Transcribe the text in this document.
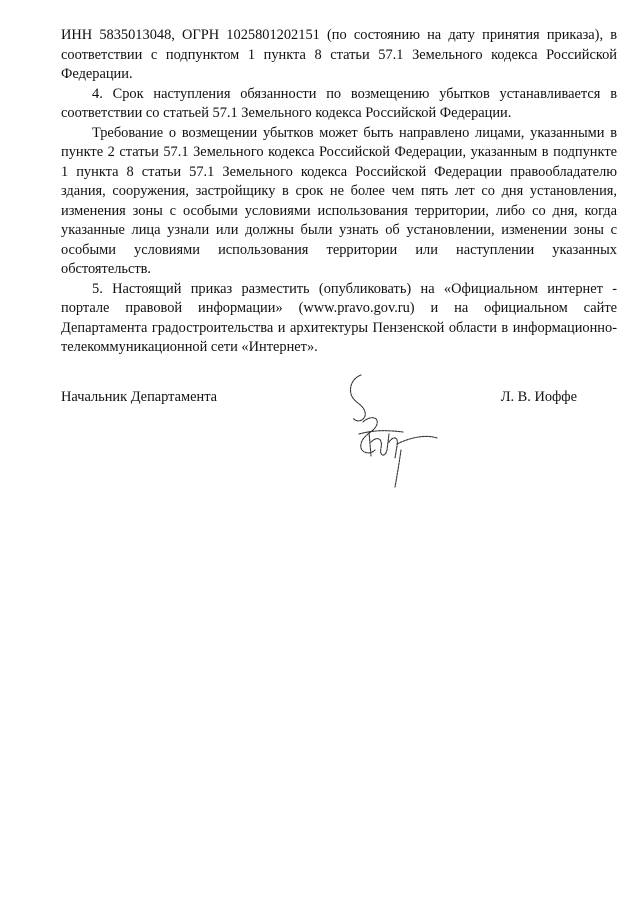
ИНН 5835013048, ОГРН 1025801202151 (по состоянию на дату принятия приказа), в соответствии с подпунктом 1 пункта 8 статьи 57.1 Земельного кодекса Российской Федерации.

4. Срок наступления обязанности по возмещению убытков устанавливается в соответствии со статьей 57.1 Земельного кодекса Российской Федерации.

Требование о возмещении убытков может быть направлено лицами, указанными в пункте 2 статьи 57.1 Земельного кодекса Российской Федерации, указанным в подпункте 1 пункта 8 статьи 57.1 Земельного кодекса Российской Федерации правообладателю здания, сооружения, застройщику в срок не более чем пять лет со дня установления, изменения зоны с особыми условиями использования территории, либо со дня, когда указанные лица узнали или должны были узнать об установлении, изменении зоны с особыми условиями использования территории или наступлении указанных обстоятельств.

5. Настоящий приказ разместить (опубликовать) на «Официальном интернет - портале правовой информации» (www.pravo.gov.ru) и на официальном сайте Департамента градостроительства и архитектуры Пензенской области в информационно-телекоммуникационной сети «Интернет».

Начальник Департамента	Л. В. Иоффе
